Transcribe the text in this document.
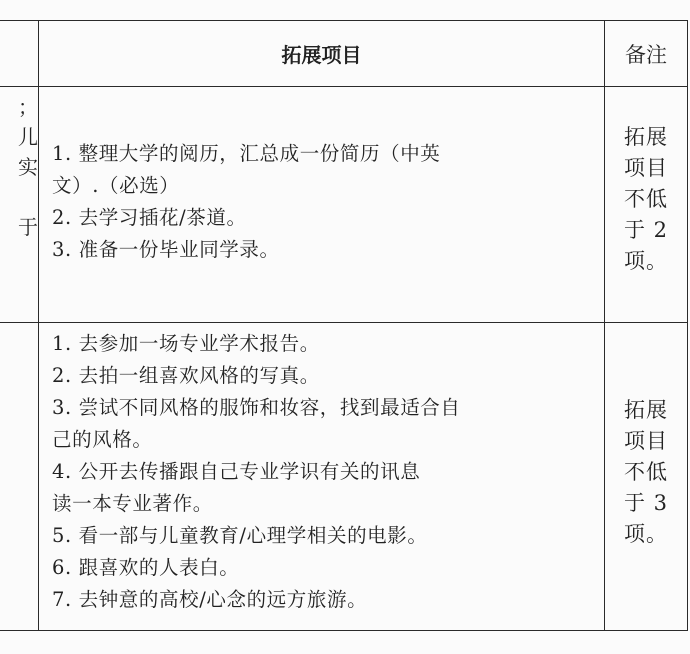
拓展项目	备注
；
儿
实
于
1. 整理大学的阅历，汇总成一份简历（中英
文）.（必选）
2. 去学习插花/茶道。
3. 准备一份毕业同学录。
拓展
项目
不低
于 2
项。
1. 去参加一场专业学术报告。
2. 去拍一组喜欢风格的写真。
3. 尝试不同风格的服饰和妆容，找到最适合自
己的风格。
4. 公开去传播跟自己专业学识有关的讯息
读一本专业著作。
5. 看一部与儿童教育/心理学相关的电影。
6. 跟喜欢的人表白。
7. 去钟意的高校/心念的远方旅游。
拓展
项目
不低
于 3
项。
